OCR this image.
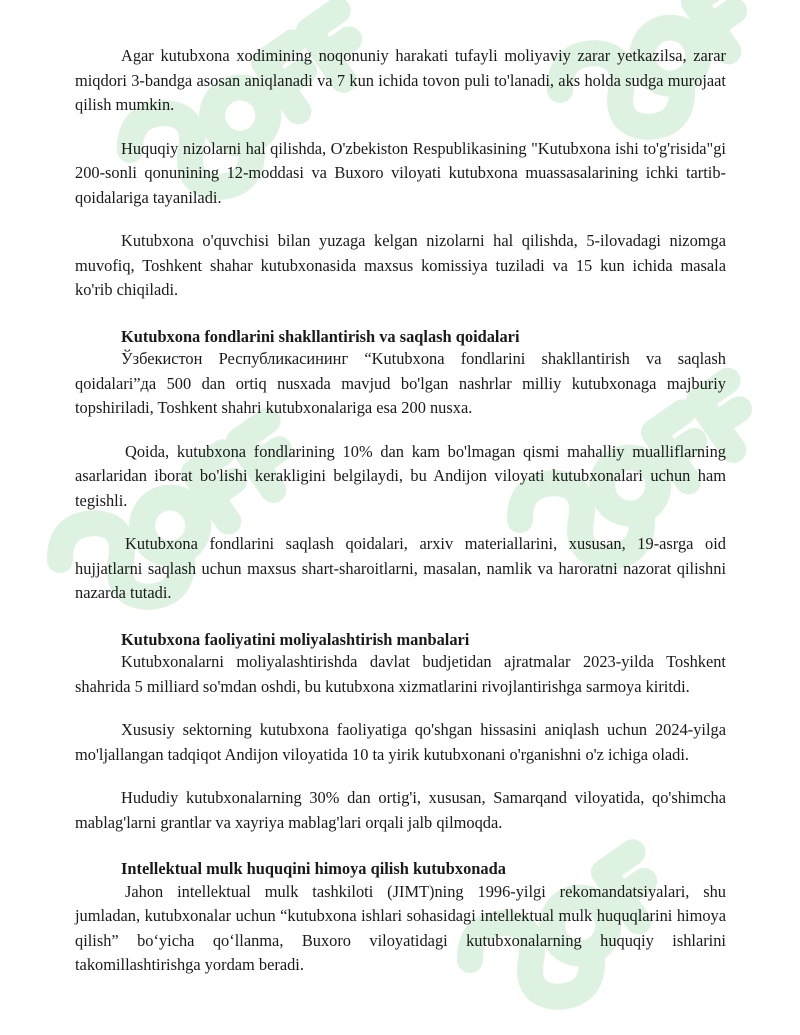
Agar kutubxona xodimining noqonuniy harakati tufayli moliyaviy zarar yetkazilsa, zarar miqdori 3-bandga asosan aniqlanadi va 7 kun ichida tovon puli to'lanadi, aks holda sudga murojaat qilish mumkin.

Huquqiy nizolarni hal qilishda, O'zbekiston Respublikasining "Kutubxona ishi to'g'risida"gi 200-sonli qonunining 12-moddasi va Buxoro viloyati kutubxona muassasalarining ichki tartib-qoidalariga tayaniladi.

Kutubxona o'quvchisi bilan yuzaga kelgan nizolarni hal qilishda, 5-ilovadagi nizomga muvofiq, Toshkent shahar kutubxonasida maxsus komissiya tuziladi va 15 kun ichida masala ko'rib chiqiladi.

Kutubxona fondlarini shakllantirish va saqlash qoidalari

Ўзбекистон Республикасининг “Kutubxona fondlarini shakllantirish va saqlash qoidalari”да 500 dan ortiq nusxada mavjud bo'lgan nashrlar milliy kutubxonaga majburiy topshiriladi, Toshkent shahri kutubxonalariga esa 200 nusxa.

Qoida, kutubxona fondlarining 10% dan kam bo'lmagan qismi mahalliy mualliflarning asarlaridan iborat bo'lishi kerakligini belgilaydi, bu Andijon viloyati kutubxonalari uchun ham tegishli.

Kutubxona fondlarini saqlash qoidalari, arxiv materiallarini, xususan, 19-asrga oid hujjatlarni saqlash uchun maxsus shart-sharoitlarni, masalan, namlik va haroratni nazorat qilishni nazarda tutadi.

Kutubxona faoliyatini moliyalashtirish manbalari

Kutubxonalarni moliyalashtirishda davlat budjetidan ajratmalar 2023-yilda Toshkent shahrida 5 milliard so'mdan oshdi, bu kutubxona xizmatlarini rivojlantirishga sarmoya kiritdi.

Xususiy sektorning kutubxona faoliyatiga qo'shgan hissasini aniqlash uchun 2024-yilga mo'ljallangan tadqiqot Andijon viloyatida 10 ta yirik kutubxonani o'rganishni o'z ichiga oladi.

Hududiy kutubxonalarning 30% dan ortig'i, xususan, Samarqand viloyatida, qo'shimcha mablag'larni grantlar va xayriya mablag'lari orqali jalb qilmoqda.

Intellektual mulk huquqini himoya qilish kutubxonada

Jahon intellektual mulk tashkiloti (JIMT)ning 1996-yilgi rekomandatsiyalari, shu jumladan, kutubxonalar uchun “kutubxona ishlari sohasidagi intellektual mulk huquqlarini himoya qilish” bo‘yicha qo‘llanma, Buxoro viloyatidagi kutubxonalarning huquqiy ishlarini takomillashtirishga yordam beradi.
